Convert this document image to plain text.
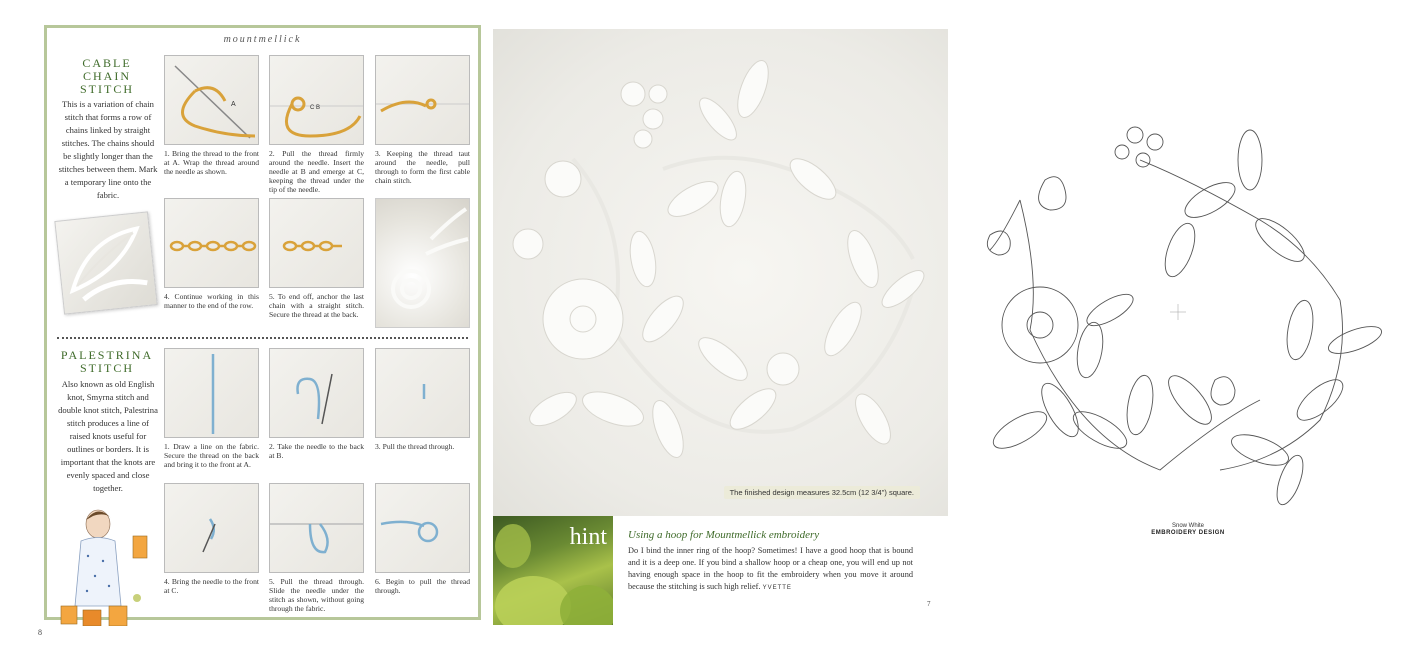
mountmellick
CABLE
CHAIN
STITCH
This is a variation of chain stitch that forms a row of chains linked by straight stitches. The chains should be slightly longer than the stitches between them. Mark a temporary line onto the fabric.
A
1. Bring the thread to the front at A. Wrap the thread around the needle as shown.
C B
2. Pull the thread firmly around the needle. Insert the needle at B and emerge at C, keeping the thread under the tip of the needle.
3. Keeping the thread taut around the needle, pull through to form the first cable chain stitch.
4. Continue working in this manner to the end of the row.
5. To end off, anchor the last chain with a straight stitch. Secure the thread at the back.
PALESTRINA
STITCH
Also known as old English knot, Smyrna stitch and double knot stitch, Palestrina stitch produces a line of raised knots useful for outlines or borders. It is important that the knots are evenly spaced and close together.
1. Draw a line on the fabric. Secure the thread on the back and bring it to the front at A.
2. Take the needle to the back at B.
3. Pull the thread through.
4. Bring the needle to the front at C.
5. Pull the thread through. Slide the needle under the stitch as shown, without going through the fabric.
6. Begin to pull the thread through.
8
The finished design measures 32.5cm (12 3/4") square.
hint Using a hoop for Mountmellick embroidery
Do I bind the inner ring of the hoop? Sometimes! I have a good hoop that is bound and it is a deep one. If you bind a shallow hoop or a cheap one, you will end up not having enough space in the hoop to fit the embroidery when you move it around because the stitching is such high relief. YVETTE
7
Snow White
EMBROIDERY DESIGN
